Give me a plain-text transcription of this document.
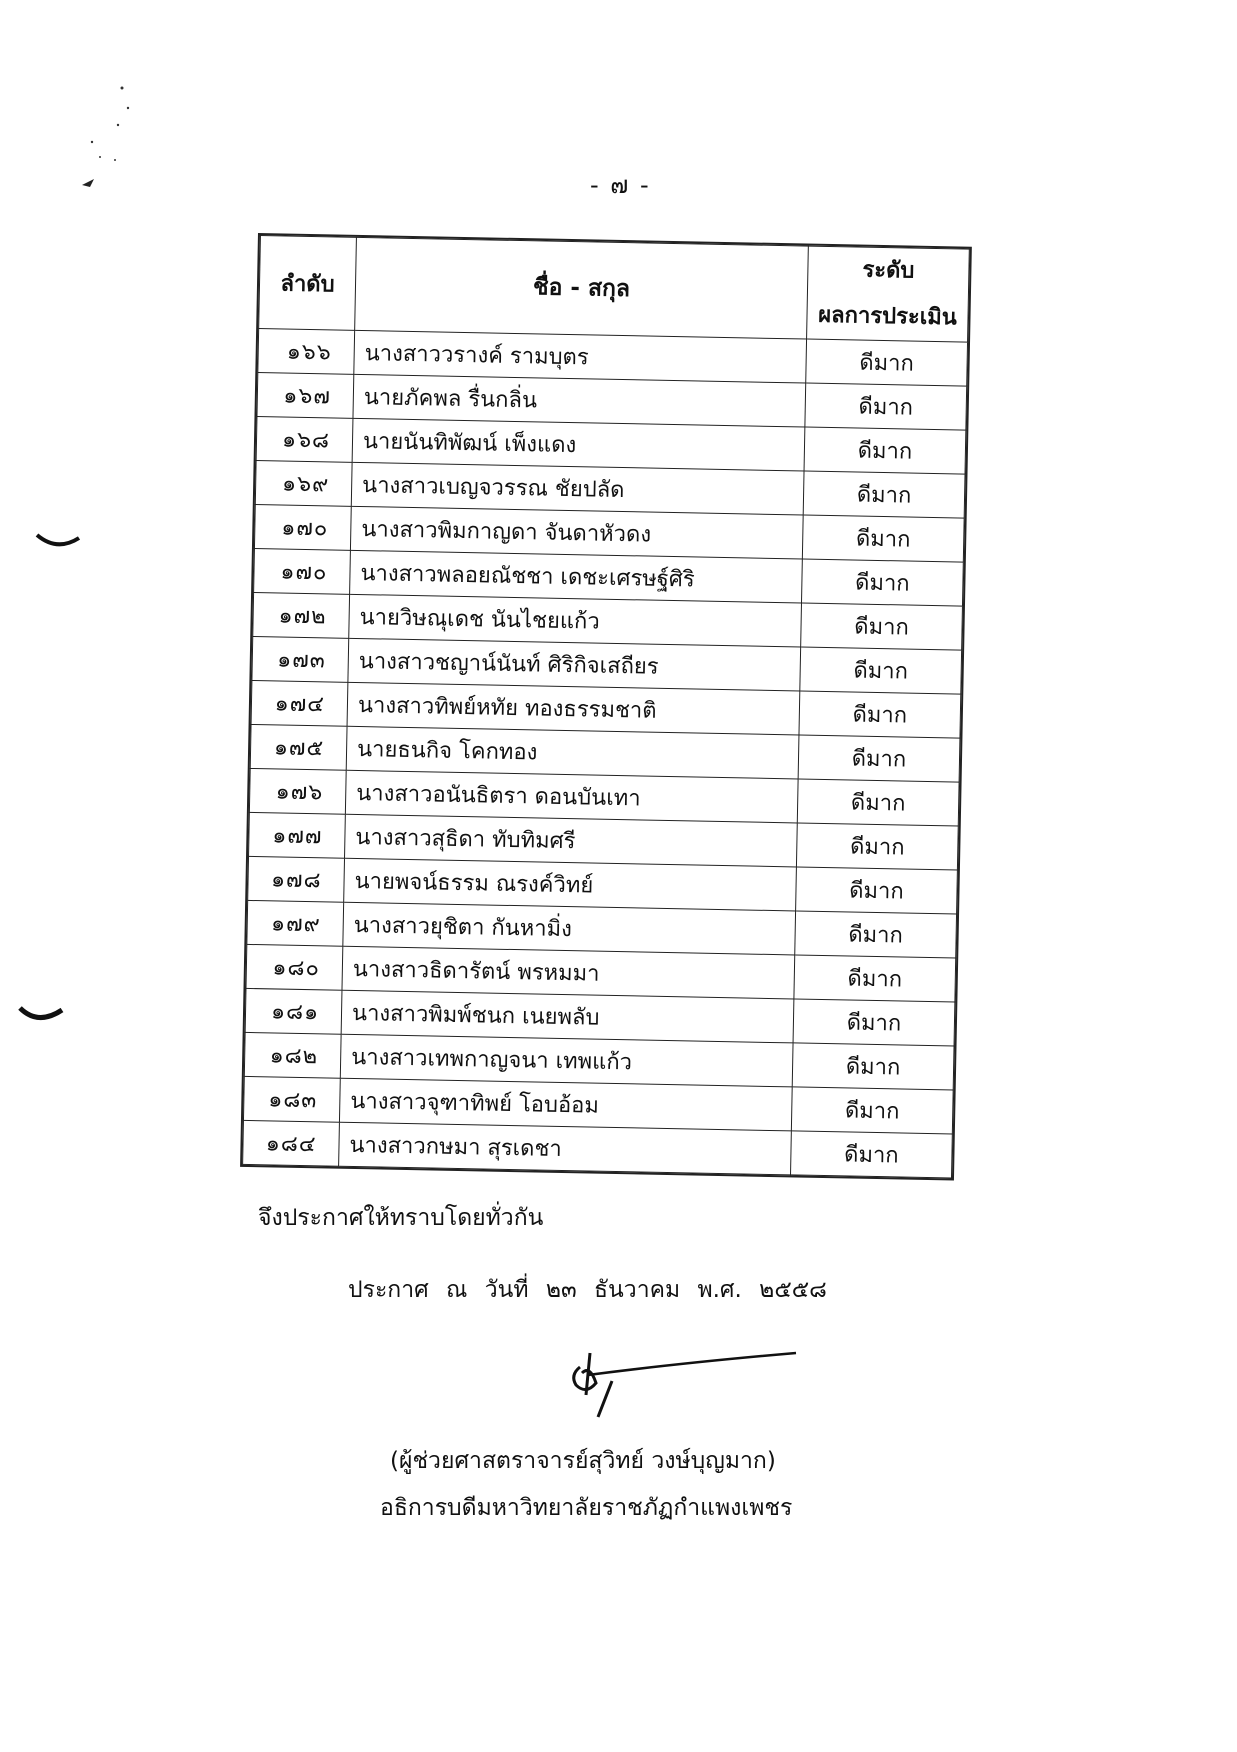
- ๗ -
ลำดับ	ชื่อ - สกุล	ระดับ
ผลการประเมิน

๑๖๖	นางสาววรางค์ รามบุตร	ดีมาก
๑๖๗	นายภัคพล รื่นกลิ่น	ดีมาก
๑๖๘	นายนันทิพัฒน์ เพ็งแดง	ดีมาก
๑๖๙	นางสาวเบญจวรรณ ชัยปลัด	ดีมาก
๑๗๐	นางสาวพิมกาญดา จันดาหัวดง	ดีมาก
๑๗๐	นางสาวพลอยณัชชา เดชะเศรษฐ์ศิริ	ดีมาก
๑๗๒	นายวิษณุเดช นันไชยแก้ว	ดีมาก
๑๗๓	นางสาวชญาน์นันท์ ศิริกิจเสถียร	ดีมาก
๑๗๔	นางสาวทิพย์หทัย ทองธรรมชาติ	ดีมาก
๑๗๕	นายธนกิจ โคกทอง	ดีมาก
๑๗๖	นางสาวอนันธิตรา ดอนบันเทา	ดีมาก
๑๗๗	นางสาวสุธิดา ทับทิมศรี	ดีมาก
๑๗๘	นายพจน์ธรรม ณรงค์วิทย์	ดีมาก
๑๗๙	นางสาวยุชิตา กันหามิ่ง	ดีมาก
๑๘๐	นางสาวธิดารัตน์ พรหมมา	ดีมาก
๑๘๑	นางสาวพิมพ์ชนก เนยพลับ	ดีมาก
๑๘๒	นางสาวเทพกาญจนา เทพแก้ว	ดีมาก
๑๘๓	นางสาวจุฑาทิพย์ โอบอ้อม	ดีมาก
๑๘๔	นางสาวกษมา สุรเดชา	ดีมาก
จึงประกาศให้ทราบโดยทั่วกัน
ประกาศ ณ วันที่ ๒๓ ธันวาคม พ.ศ. ๒๕๕๘
(ผู้ช่วยศาสตราจารย์สุวิทย์ วงษ์บุญมาก)
อธิการบดีมหาวิทยาลัยราชภัฏกำแพงเพชร
